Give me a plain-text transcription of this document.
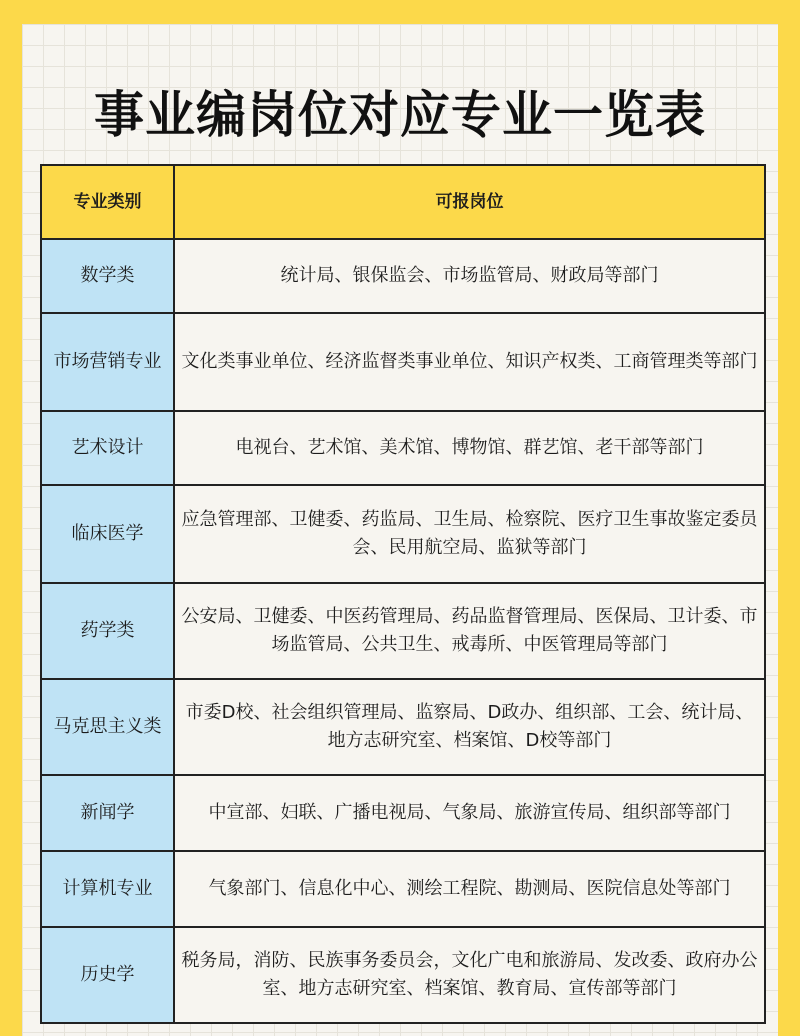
事业编岗位对应专业一览表
专业类别	可报岗位
数学类	统计局、银保监会、市场监管局、财政局等部门
市场营销专业	文化类事业单位、经济监督类事业单位、知识产权类、工商管理类等部门
艺术设计	电视台、艺术馆、美术馆、博物馆、群艺馆、老干部等部门
临床医学	应急管理部、卫健委、药监局、卫生局、检察院、医疗卫生事故鉴定委员会、民用航空局、监狱等部门
药学类	公安局、卫健委、中医药管理局、药品监督管理局、医保局、卫计委、市场监管局、公共卫生、戒毒所、中医管理局等部门
马克思主义类	市委D校、社会组织管理局、监察局、D政办、组织部、工会、统计局、地方志研究室、档案馆、D校等部门
新闻学	中宣部、妇联、广播电视局、气象局、旅游宣传局、组织部等部门
计算机专业	气象部门、信息化中心、测绘工程院、勘测局、医院信息处等部门
历史学	税务局，消防、民族事务委员会，文化广电和旅游局、发改委、政府办公室、地方志研究室、档案馆、教育局、宣传部等部门
